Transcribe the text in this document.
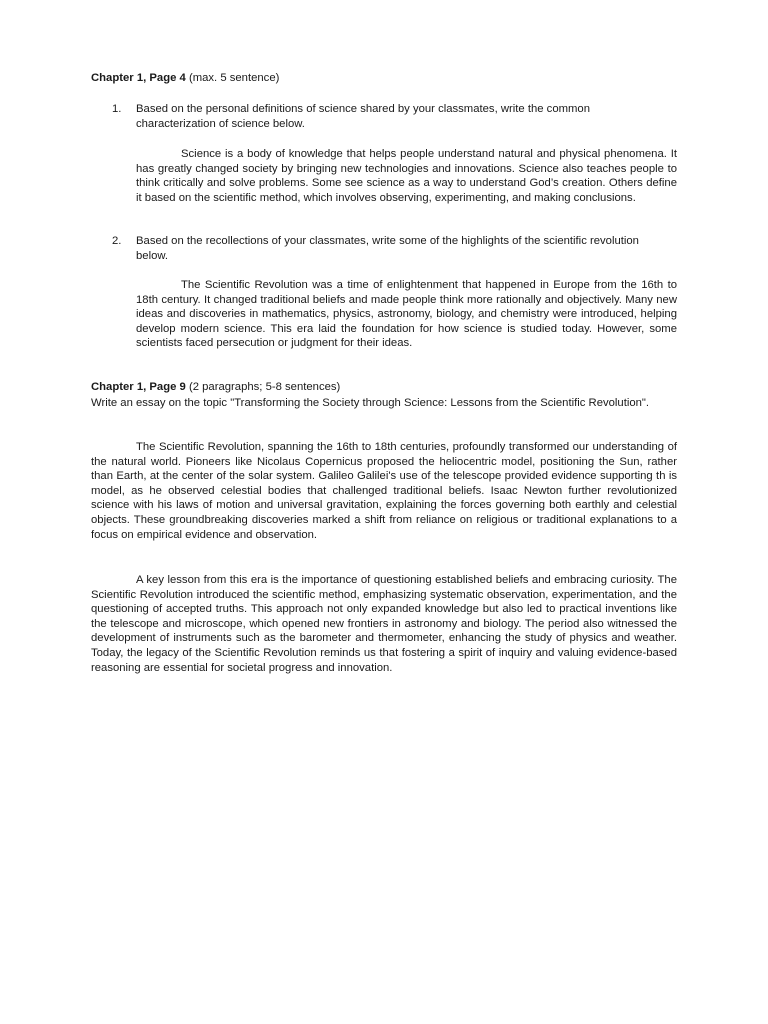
Chapter 1, Page 4 (max. 5 sentence)

1.	Based on the personal definitions of science shared by your classmates, write the common characterization of science below.

Science is a body of knowledge that helps people understand natural and physical phenomena. It has greatly changed society by bringing new technologies and innovations. Science also teaches people to think critically and solve problems. Some see science as a way to understand God’s creation. Others define it based on the scientific method, which involves observing, experimenting, and making conclusions.

2.	Based on the recollections of your classmates, write some of the highlights of the scientific revolution below.

The Scientific Revolution was a time of enlightenment that happened in Europe from the 16th to 18th century. It changed traditional beliefs and made people think more rationally and objectively. Many new ideas and discoveries in mathematics, physics, astronomy, biology, and chemistry were introduced, helping develop modern science. This era laid the foundation for how science is studied today. However, some scientists faced persecution or judgment for their ideas.

Chapter 1, Page 9 (2 paragraphs; 5-8 sentences)

Write an essay on the topic "Transforming the Society through Science: Lessons from the Scientific Revolution".

The Scientific Revolution, spanning the 16th to 18th centuries, profoundly transformed our understanding of the natural world. Pioneers like Nicolaus Copernicus proposed the heliocentric model, positioning the Sun, rather than Earth, at the center of the solar system. Galileo Galilei's use of the telescope provided evidence supporting th is model, as he observed celestial bodies that challenged traditional beliefs. Isaac Newton further revolutionized science with his laws of motion and universal gravitation, explaining the forces governing both earthly and celestial objects. These groundbreaking discoveries marked a shift from reliance on religious or traditional explanations to a focus on empirical evidence and observation.

A key lesson from this era is the importance of questioning established beliefs and embracing curiosity. The Scientific Revolution introduced the scientific method, emphasizing systematic observation, experimentation, and the questioning of accepted truths. This approach not only expanded knowledge but also led to practical inventions like the telescope and microscope, which opened new frontiers in astronomy and biology. The period also witnessed the development of instruments such as the barometer and thermometer, enhancing the study of physics and weather. Today, the legacy of the Scientific Revolution reminds us that fostering a spirit of inquiry and valuing evidence-based reasoning are essential for societal progress and innovation.
